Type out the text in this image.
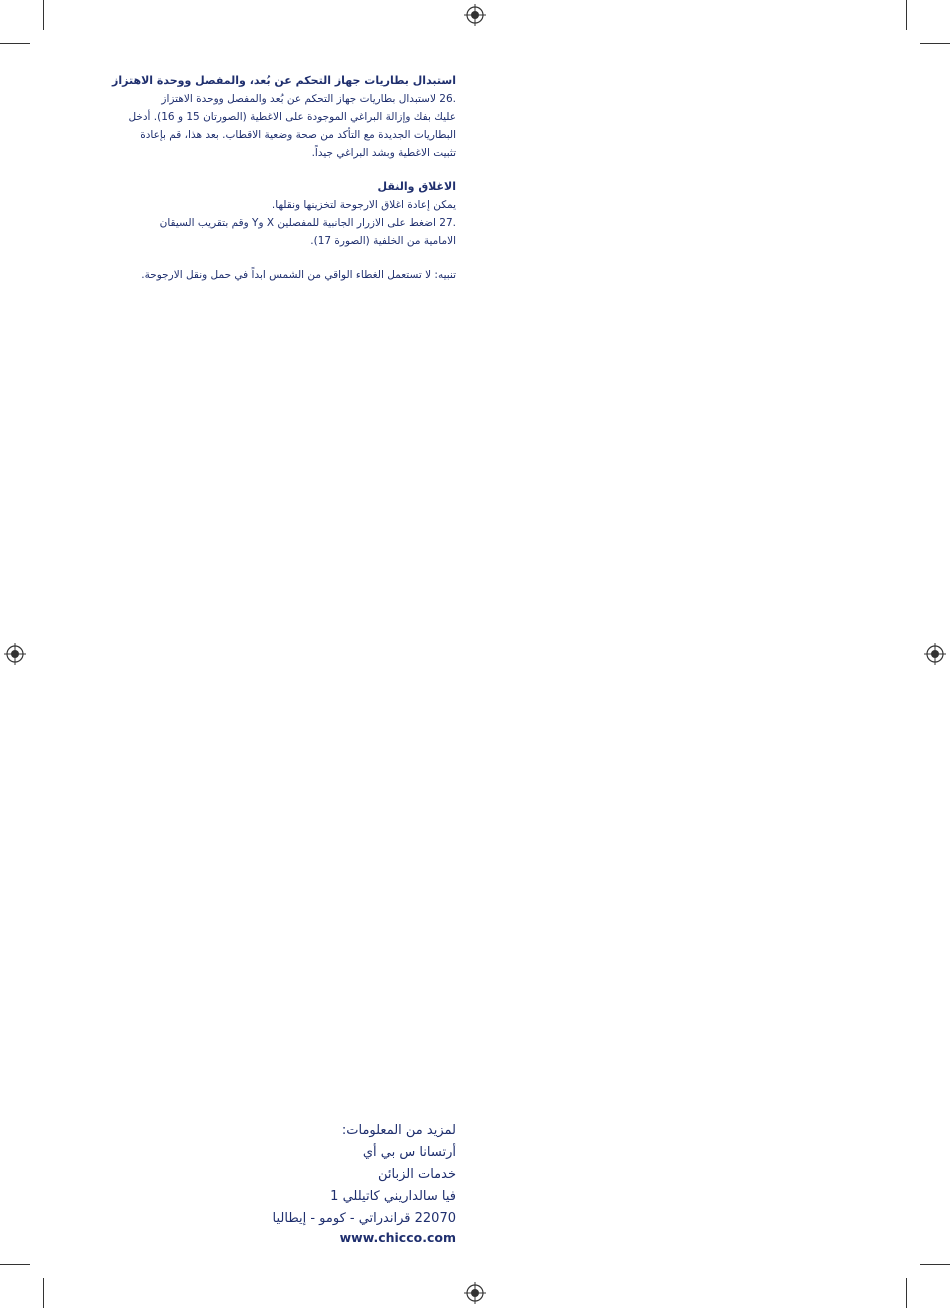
استبدال بطاريات جهاز التحكم عن بُعد، والمفصل ووحدة الاهتزاز

.26 لاستبدال بطاريات جهاز التحكم عن بُعد والمفصل ووحدة الاهتزاز

عليك بفك وإزالة البراغي الموجودة على الاغطية (الصورتان 15 و 16). أدخل

البطاريات الجديدة مع التأكد من صحة وضعية الاقطاب. بعد هذا، قم بإعادة

تثبيت الاغطية وبشد البراغي جيداً.

الاغلاق والنقل

يمكن إعادة اغلاق الارجوحة لتخزينها ونقلها.

.27 اضغط على الازرار الجانبية للمفصلين X وY وقم بتقريب السيقان

الامامية من الخلفية (الصورة 17).

تنبيه: لا تستعمل الغطاء الواقي من الشمس ابداً في حمل ونقل الارجوحة.

لمزيد من المعلومات:

أرتسانا س بي أي

خدمات الزبائن

فيا سالداريني كاتيللي 1

22070 قراندراتي - كومو - إيطاليا

www.chicco.com
